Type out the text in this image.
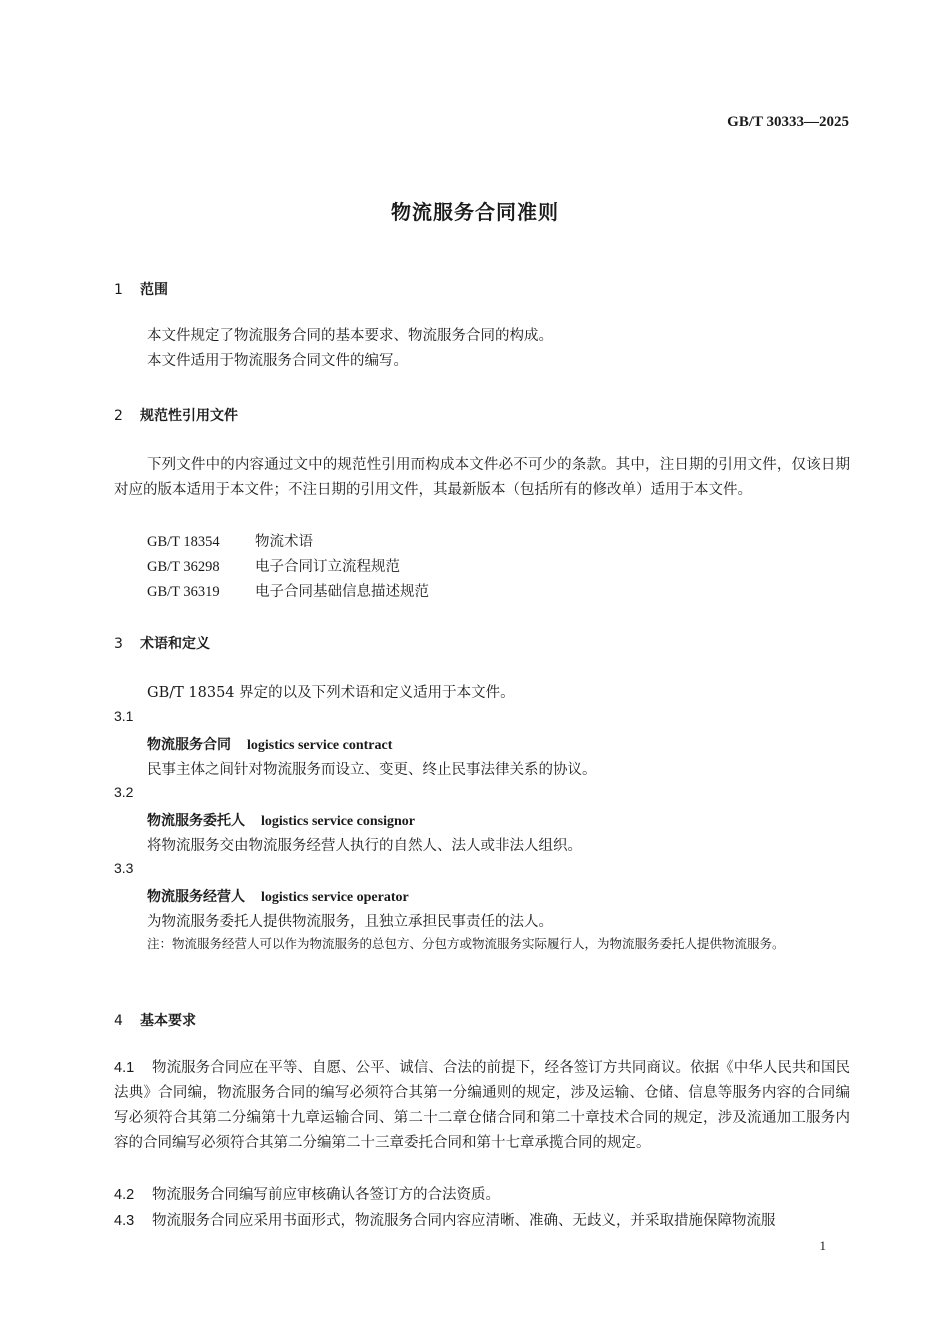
GB/T 30333—2025
物流服务合同准则
1 范围
本文件规定了物流服务合同的基本要求、物流服务合同的构成。
本文件适用于物流服务合同文件的编写。
2 规范性引用文件
下列文件中的内容通过文中的规范性引用而构成本文件必不可少的条款。其中，注日期的引用文件，仅该日期对应的版本适用于本文件；不注日期的引用文件，其最新版本（包括所有的修改单）适用于本文件。
GB/T 18354 物流术语
GB/T 36298 电子合同订立流程规范
GB/T 36319 电子合同基础信息描述规范
3 术语和定义
GB/T 18354 界定的以及下列术语和定义适用于本文件。
3.1
物流服务合同 logistics service contract
民事主体之间针对物流服务而设立、变更、终止民事法律关系的协议。
3.2
物流服务委托人 logistics service consignor
将物流服务交由物流服务经营人执行的自然人、法人或非法人组织。
3.3
物流服务经营人 logistics service operator
为物流服务委托人提供物流服务，且独立承担民事责任的法人。
注：物流服务经营人可以作为物流服务的总包方、分包方或物流服务实际履行人，为物流服务委托人提供物流服务。
4 基本要求
4.1 物流服务合同应在平等、自愿、公平、诚信、合法的前提下，经各签订方共同商议。依据《中华人民共和国民法典》合同编，物流服务合同的编写必须符合其第一分编通则的规定，涉及运输、仓储、信息等服务内容的合同编写必须符合其第二分编第十九章运输合同、第二十二章仓储合同和第二十章技术合同的规定，涉及流通加工服务内容的合同编写必须符合其第二分编第二十三章委托合同和第十七章承揽合同的规定。
4.2 物流服务合同编写前应审核确认各签订方的合法资质。
4.3 物流服务合同应采用书面形式，物流服务合同内容应清晰、准确、无歧义，并采取措施保障物流服
1
